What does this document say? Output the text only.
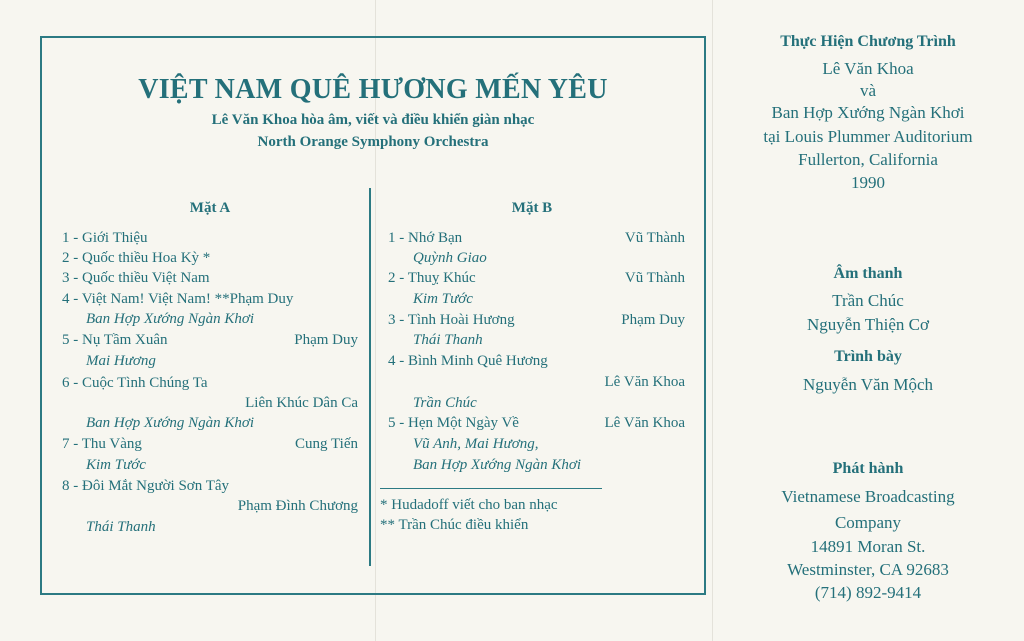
VIỆT NAM QUÊ HƯƠNG MẾN YÊU
Lê Văn Khoa hòa âm, viết và điều khiển giàn nhạc
North Orange Symphony Orchestra
Mặt A
1 - Giới Thiệu
2 - Quốc thiều Hoa Kỳ *
3 - Quốc thiều Việt Nam
4 - Việt Nam! Việt Nam! **Phạm Duy
Ban Hợp Xướng Ngàn Khơi
5 - Nụ Tầm Xuân	Phạm Duy
Mai Hương
6 - Cuộc Tình Chúng Ta
Liên Khúc Dân Ca
Ban Hợp Xướng Ngàn Khơi
7 - Thu Vàng	Cung Tiến
Kim Tước
8 - Đôi Mắt Người Sơn Tây
Phạm Đình Chương
Thái Thanh
Mặt B
1 - Nhớ Bạn	Vũ Thành
Quỳnh Giao
2 - Thuỵ Khúc	Vũ Thành
Kim Tước
3 - Tình Hoài Hương	Phạm Duy
Thái Thanh
4 - Bình Minh Quê Hương
Lê Văn Khoa
Trần Chúc
5 - Hẹn Một Ngày Về	Lê Văn Khoa
Vũ Anh, Mai Hương,
Ban Hợp Xướng Ngàn Khơi
* Hudadoff viết cho ban nhạc
** Trần Chúc điều khiển
Thực Hiện Chương Trình
Lê Văn Khoa
và
Ban Hợp Xướng Ngàn Khơi
tại Louis Plummer Auditorium
Fullerton, California
1990
Âm thanh
Trần Chúc
Nguyễn Thiện Cơ
Trình bày
Nguyễn Văn Mộch
Phát hành
Vietnamese Broadcasting
Company
14891 Moran St.
Westminster, CA 92683
(714) 892-9414
